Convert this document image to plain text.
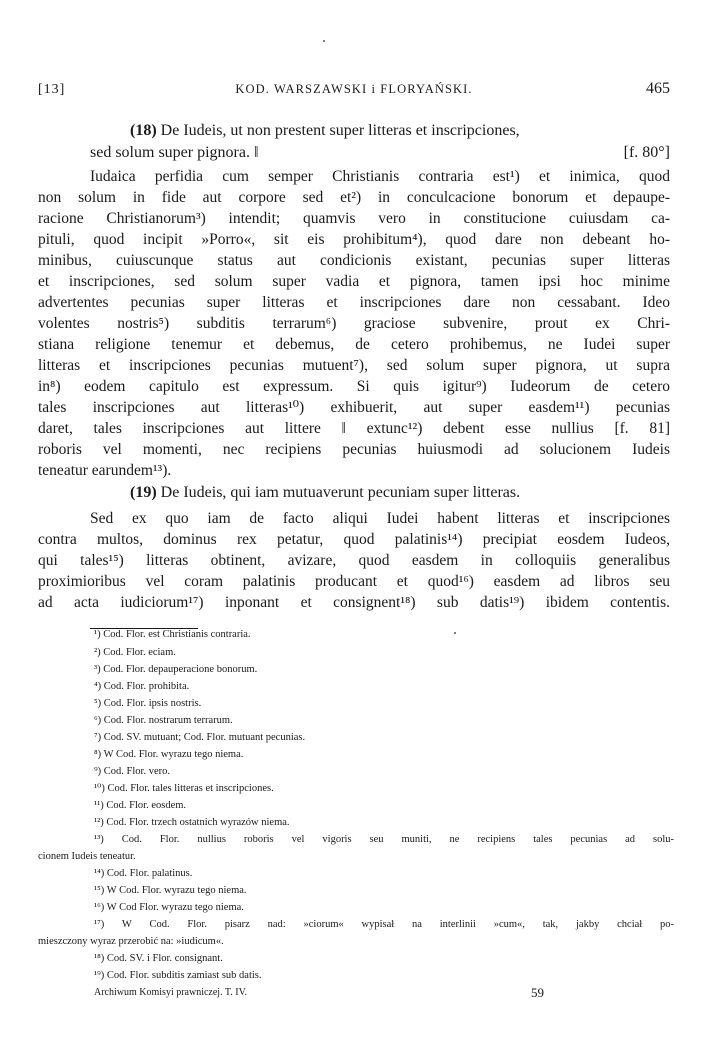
[13]	KOD. WARSZAWSKI i FLORYAŃSKI.	465
(18) De Iudeis, ut non prestent super litteras et inscripciones,
sed solum super pignora. ‖	[f. 80°]
Iudaica perfidia cum semper Christianis contraria est¹) et inimica, quod
non solum in fide aut corpore sed et²) in conculcacione bonorum et depaupe-
racione Christianorum³) intendit; quamvis vero in constitucione cuiusdam ca-
pituli, quod incipit »Porro«, sit eis prohibitum⁴), quod dare non debeant ho-
minibus, cuiuscunque status aut condicionis existant, pecunias super litteras
et inscripciones, sed solum super vadia et pignora, tamen ipsi hoc minime
advertentes pecunias super litteras et inscripciones dare non cessabant. Ideo
volentes nostris⁵) subditis terrarum⁶) graciose subvenire, prout ex Chri-
stiana religione tenemur et debemus, de cetero prohibemus, ne Iudei super
litteras et inscripciones pecunias mutuent⁷), sed solum super pignora, ut supra
in⁸) eodem capitulo est expressum. Si quis igitur⁹) Iudeorum de cetero
tales inscripciones aut litteras¹⁰) exhibuerit, aut super easdem¹¹) pecunias
daret, tales inscripciones aut littere ‖ extunc¹²) debent esse nullius [f. 81]
roboris vel momenti, nec recipiens pecunias huiusmodi ad solucionem Iudeis
teneatur earundem¹³).
(19) De Iudeis, qui iam mutuaverunt pecuniam super litteras.
Sed ex quo iam de facto aliqui Iudei habent litteras et inscripciones
contra multos, dominus rex petatur, quod palatinis¹⁴) precipiat eosdem Iudeos,
qui tales¹⁵) litteras obtinent, avizare, quod easdem in colloquiis generalibus
proximioribus vel coram palatinis producant et quod¹⁶) easdem ad libros seu
ad acta iudiciorum¹⁷) inponant et consignent¹⁸) sub datis¹⁹) ibidem contentis.
¹) Cod. Flor. est Christianis contraria.
²) Cod. Flor. eciam.
³) Cod. Flor. depauperacione bonorum.
⁴) Cod. Flor. prohibita.
⁵) Cod. Flor. ipsis nostris.
⁶) Cod. Flor. nostrarum terrarum.
⁷) Cod. SV. mutuant; Cod. Flor. mutuant pecunias.
⁸) W Cod. Flor. wyrazu tego niema.
⁹) Cod. Flor. vero.
¹⁰) Cod. Flor. tales litteras et inscripciones.
¹¹) Cod. Flor. eosdem.
¹²) Cod. Flor. trzech ostatnich wyrazów niema.
¹³) Cod. Flor. nullius roboris vel vigoris seu muniti, ne recipiens tales pecunias ad solu-
cionem Iudeis teneatur.
¹⁴) Cod. Flor. palatinus.
¹⁵) W Cod. Flor. wyrazu tego niema.
¹⁶) W Cod Flor. wyrazu tego niema.
¹⁷) W Cod. Flor. pisarz nad: »ciorum« wypisał na interlinii »cum«, tak, jakby chciał po-
mieszczony wyraz przerobić na: »iudicum«.
¹⁸) Cod. SV. i Flor. consignant.
¹⁹) Cod. Flor. subditis zamiast sub datis.
Archiwum Komisyi prawniczej. T. IV.	59
